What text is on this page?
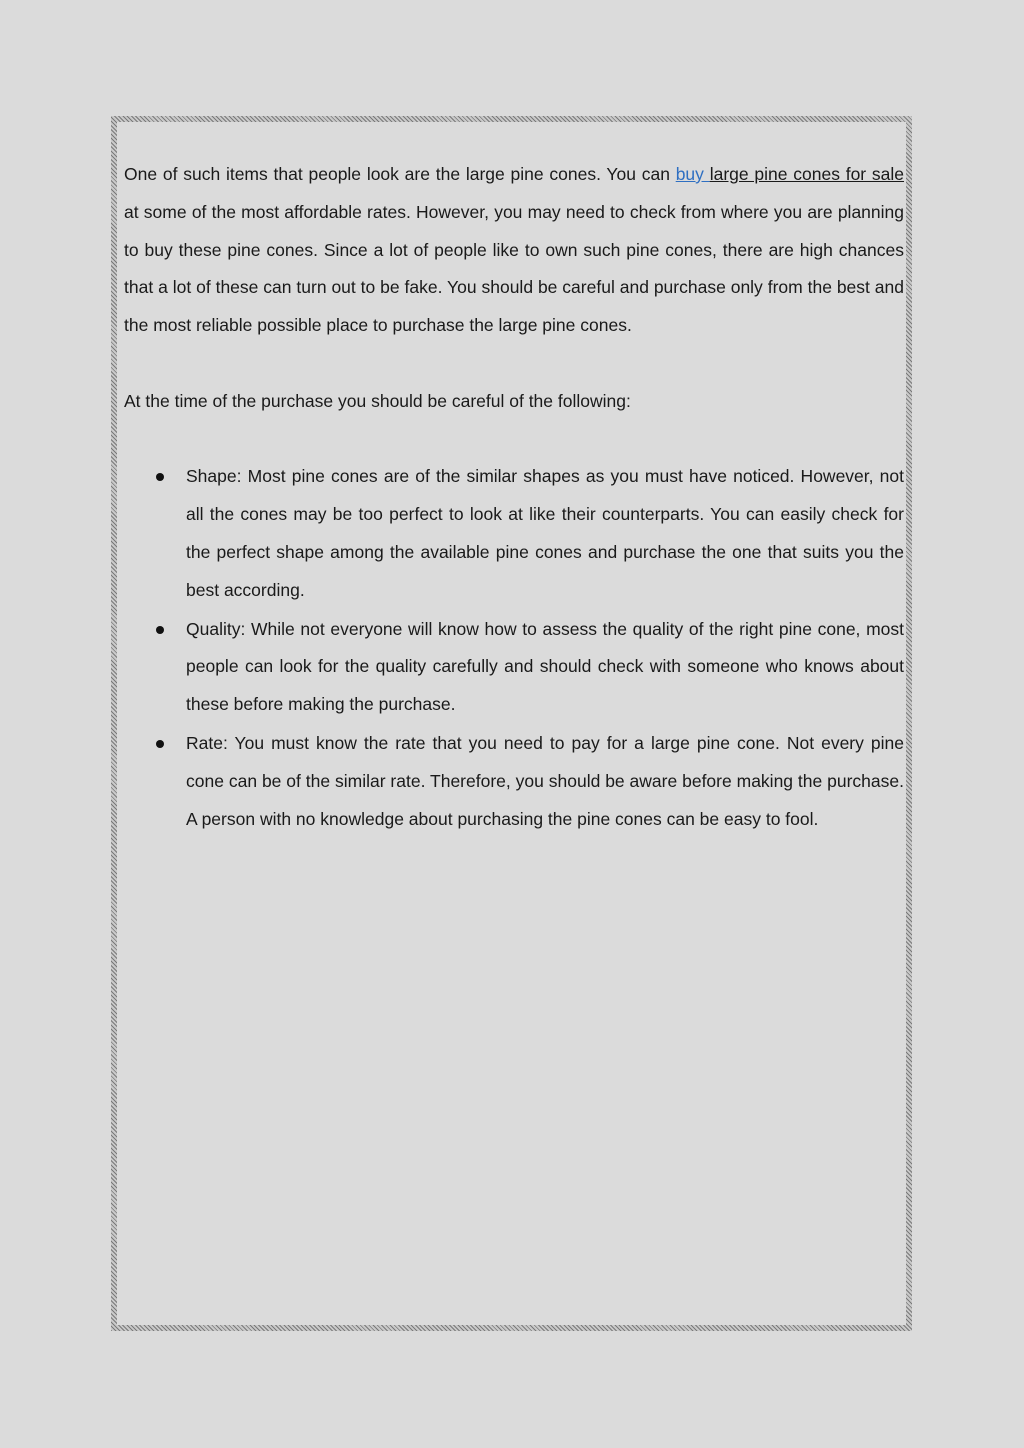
One of such items that people look are the large pine cones. You can buy large pine cones for sale at some of the most affordable rates. However, you may need to check from where you are planning to buy these pine cones. Since a lot of people like to own such pine cones, there are high chances that a lot of these can turn out to be fake. You should be careful and purchase only from the best and the most reliable possible place to purchase the large pine cones.

At the time of the purchase you should be careful of the following:

Shape: Most pine cones are of the similar shapes as you must have noticed. However, not all the cones may be too perfect to look at like their counterparts. You can easily check for the perfect shape among the available pine cones and purchase the one that suits you the best according.
Quality: While not everyone will know how to assess the quality of the right pine cone, most people can look for the quality carefully and should check with someone who knows about these before making the purchase.
Rate: You must know the rate that you need to pay for a large pine cone. Not every pine cone can be of the similar rate. Therefore, you should be aware before making the purchase. A person with no knowledge about purchasing the pine cones can be easy to fool.
